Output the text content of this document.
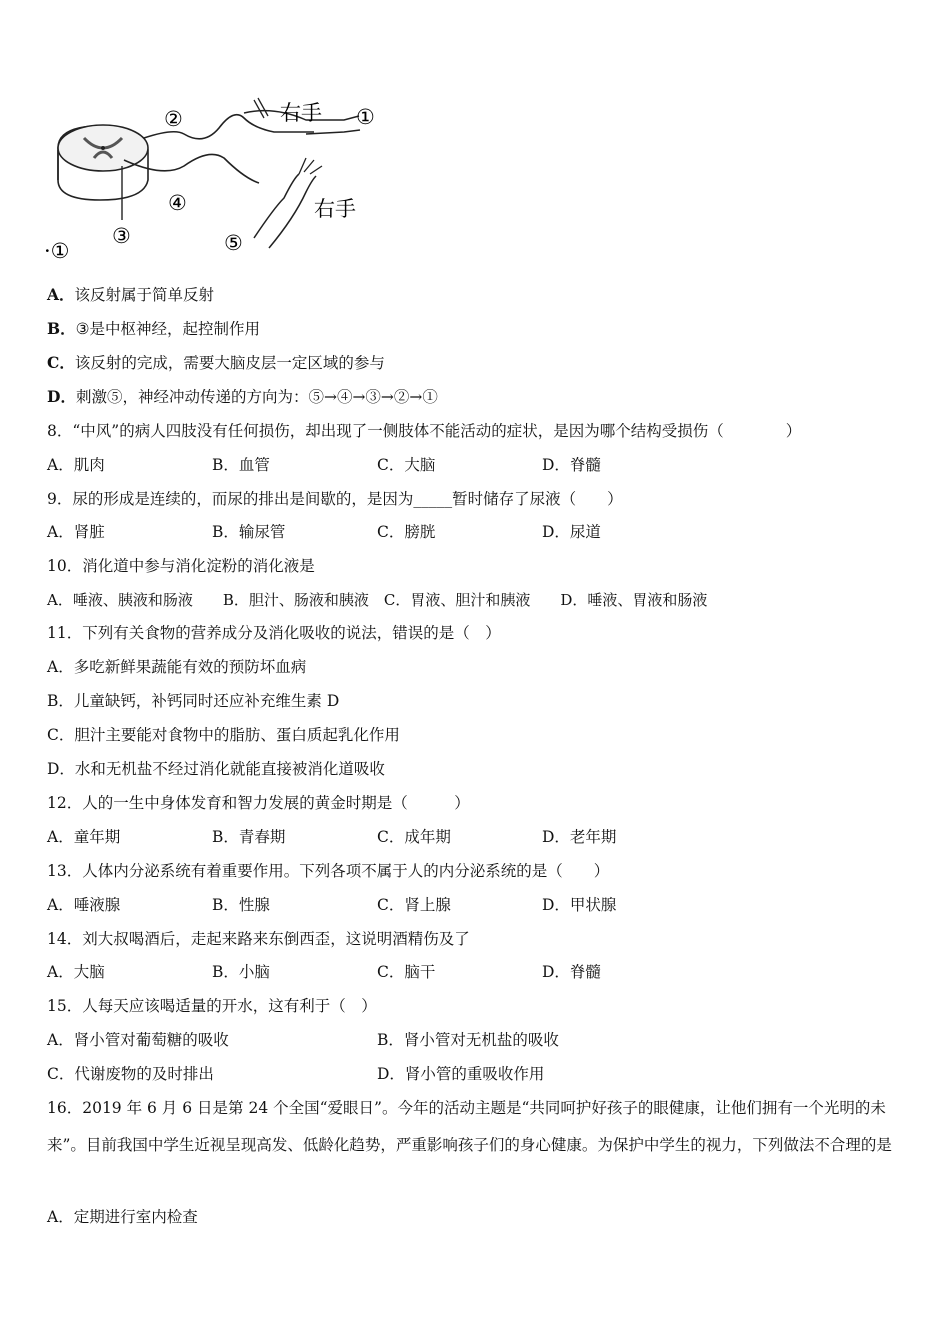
右手
右手
②	①
④
③	⑤
·①
A．该反射属于简单反射
B．③是中枢神经，起控制作用
C．该反射的完成，需要大脑皮层一定区域的参与
D．刺激⑤，神经冲动传递的方向为：⑤→④→③→②→①
8．“中风”的病人四肢没有任何损伤，却出现了一侧肢体不能活动的症状，是因为哪个结构受损伤（　　　　）
A．肌肉	B．血管	C．大脑	D．脊髓
9．尿的形成是连续的，而尿的排出是间歇的，是因为_____暂时储存了尿液（　　）
A．肾脏	B．输尿管	C．膀胱	D．尿道
10．消化道中参与消化淀粉的消化液是
A．唾液、胰液和肠液　　B．胆汁、肠液和胰液　C．胃液、胆汁和胰液　　D．唾液、胃液和肠液
11．下列有关食物的营养成分及消化吸收的说法，错误的是（　）
A．多吃新鲜果蔬能有效的预防坏血病
B．儿童缺钙，补钙同时还应补充维生素 D
C．胆汁主要能对食物中的脂肪、蛋白质起乳化作用
D．水和无机盐不经过消化就能直接被消化道吸收
12．人的一生中身体发育和智力发展的黄金时期是（　　　）
A．童年期	B．青春期	C．成年期	D．老年期
13．人体内分泌系统有着重要作用。下列各项不属于人的内分泌系统的是（　　）
A．唾液腺	B．性腺	C．肾上腺	D．甲状腺
14．刘大叔喝酒后，走起来路来东倒西歪，这说明酒精伤及了
A．大脑	B．小脑	C．脑干	D．脊髓
15．人每天应该喝适量的开水，这有利于（　）
A．肾小管对葡萄糖的吸收	B．肾小管对无机盐的吸收
C．代谢废物的及时排出	D．肾小管的重吸收作用
16．2019 年 6 月 6 日是第 24 个全国“爱眼日”。今年的活动主题是“共同呵护好孩子的眼健康，让他们拥有一个光明的未来”。目前我国中学生近视呈现高发、低龄化趋势，严重影响孩子们的身心健康。为保护中学生的视力，下列做法不合理的是
A．定期进行室内检查
